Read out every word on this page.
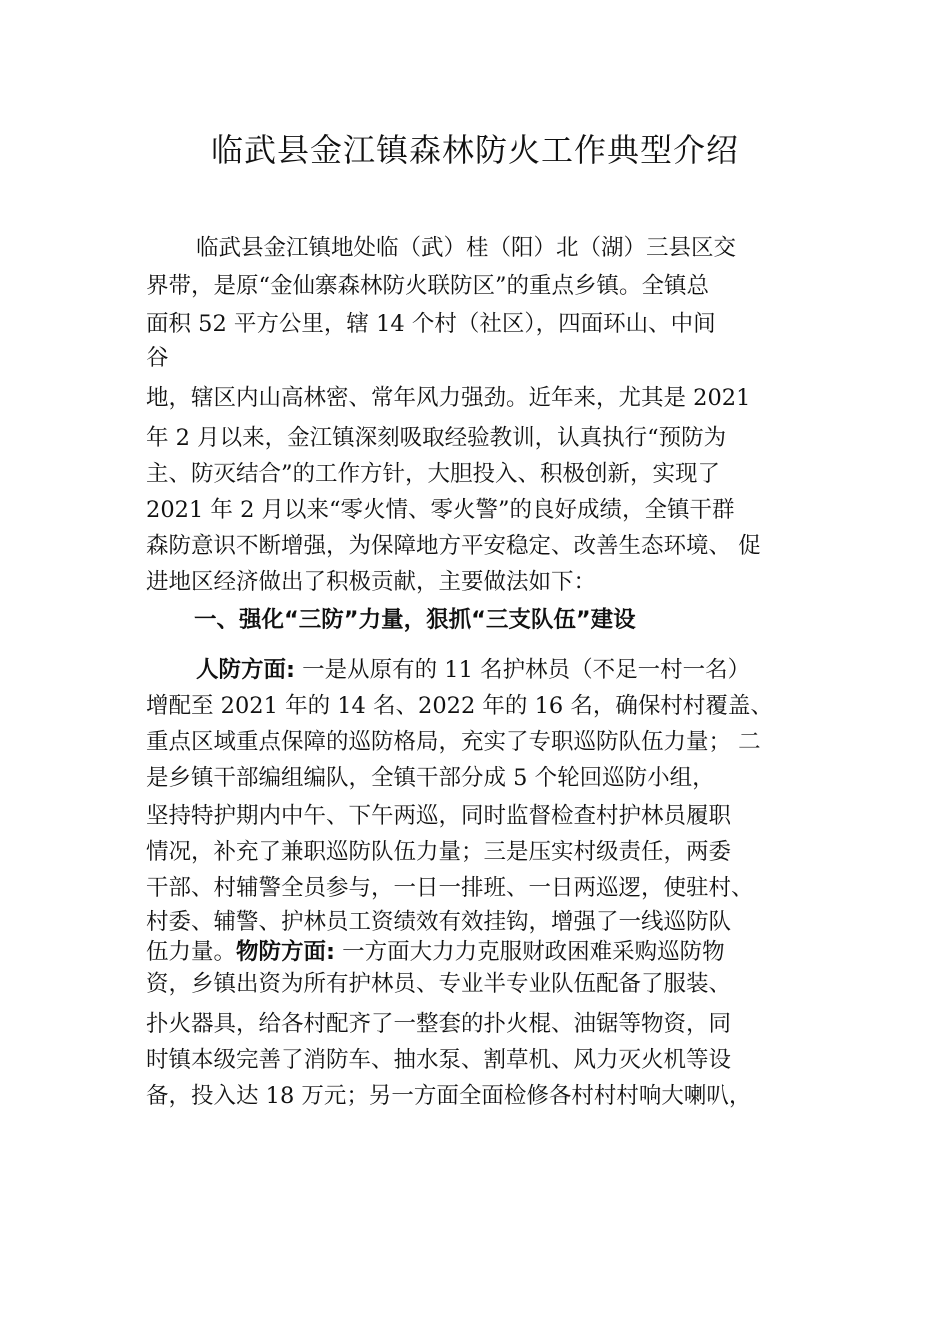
临武县金江镇森林防火工作典型介绍

临武县金江镇地处临（武）桂（阳）北（湖）三县区交

界带，是原“金仙寨森林防火联防区”的重点乡镇。全镇总

面积 52 平方公里，辖 14 个村（社区），四面环山、中间

谷

地，辖区内山高林密、常年风力强劲。近年来，尤其是 2021

年 2 月以来，金江镇深刻吸取经验教训，认真执行“预防为

主、防灭结合”的工作方针，大胆投入、积极创新，实现了

2021 年 2 月以来“零火情、零火警”的良好成绩，全镇干群

森防意识不断增强，为保障地方平安稳定、改善生态环境、 促

进地区经济做出了积极贡献，主要做法如下：

一、强化“三防”力量，狠抓“三支队伍”建设

人防方面: 一是从原有的 11 名护林员（不足一村一名）

增配至 2021 年的 14 名、2022 年的 16 名，确保村村覆盖、

重点区域重点保障的巡防格局，充实了专职巡防队伍力量； 二

是乡镇干部编组编队，全镇干部分成 5 个轮回巡防小组，

坚持特护期内中午、下午两巡，同时监督检查村护林员履职

情况，补充了兼职巡防队伍力量；三是压实村级责任，两委

干部、村辅警全员参与，一日一排班、一日两巡逻，使驻村、

村委、辅警、护林员工资绩效有效挂钩，增强了一线巡防队

伍力量。物防方面: 一方面大力力克服财政困难采购巡防物

资，乡镇出资为所有护林员、专业半专业队伍配备了服装、

扑火器具，给各村配齐了一整套的扑火棍、油锯等物资，同

时镇本级完善了消防车、抽水泵、割草机、风力灭火机等设

备，投入达 18 万元；另一方面全面检修各村村村响大喇叭，
